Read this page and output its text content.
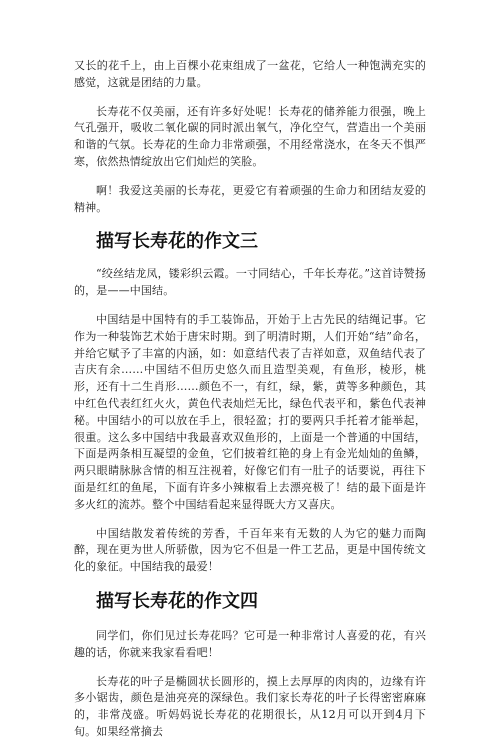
又长的花千上，由上百棵小花束组成了一盆花，它给人一种饱满充实的感觉，这就是团结的力量。

长寿花不仅美丽，还有许多好处呢！长寿花的储养能力很强，晚上气孔强开，吸收二氧化碳的同时派出氧气，净化空气，营造出一个美丽和谐的气氛。长寿花的生命力非常顽强，不用经常浇水，在冬天不惧严寒，依然热情绽放出它们灿烂的笑脸。

啊！我爱这美丽的长寿花，更爱它有着顽强的生命力和团结友爱的精神。

描写长寿花的作文三

“绞丝结龙凤，镂彩织云霞。一寸同结心，千年长寿花。”这首诗赞扬的，是——中国结。

中国结是中国特有的手工装饰品，开始于上古先民的结绳记事。它作为一种装饰艺术始于唐宋时期。到了明清时期，人们开始“结”命名，并给它赋予了丰富的内涵，如：如意结代表了吉祥如意，双鱼结代表了吉庆有余……中国结不但历史悠久而且造型美观，有鱼形，棱形，桃形，还有十二生肖形……颜色不一，有红，绿，紫，黄等多种颜色，其中红色代表红红火火，黄色代表灿烂无比，绿色代表平和，紫色代表神秘。中国结小的可以放在手上，很轻盈；打的要两只手托着才能举起，很重。这么多中国结中我最喜欢双鱼形的，上面是一个普通的中国结，下面是两条相互凝望的金鱼，它们披着红艳的身上有金光灿灿的鱼鳞，两只眼睛脉脉含情的相互注视着，好像它们有一肚子的话要说，再往下面是红红的鱼尾，下面有许多小辣椒看上去漂亮极了！结的最下面是许多火红的流苏。整个中国结看起来显得既大方又喜庆。

中国结散发着传统的芳香，千百年来有无数的人为它的魅力而陶醉，现在更为世人所骄傲，因为它不但是一件工艺品，更是中国传统文化的象征。中国结我的最爱！

描写长寿花的作文四

同学们，你们见过长寿花吗？它可是一种非常讨人喜爱的花，有兴趣的话，你就来我家看看吧！

长寿花的叶子是椭圆状长圆形的，摸上去厚厚的肉肉的，边缘有许多小锯齿，颜色是油亮亮的深绿色。我们家长寿花的叶子长得密密麻麻的，非常茂盛。听妈妈说长寿花的花期很长，从12月可以开到4月下旬。如果经常摘去
